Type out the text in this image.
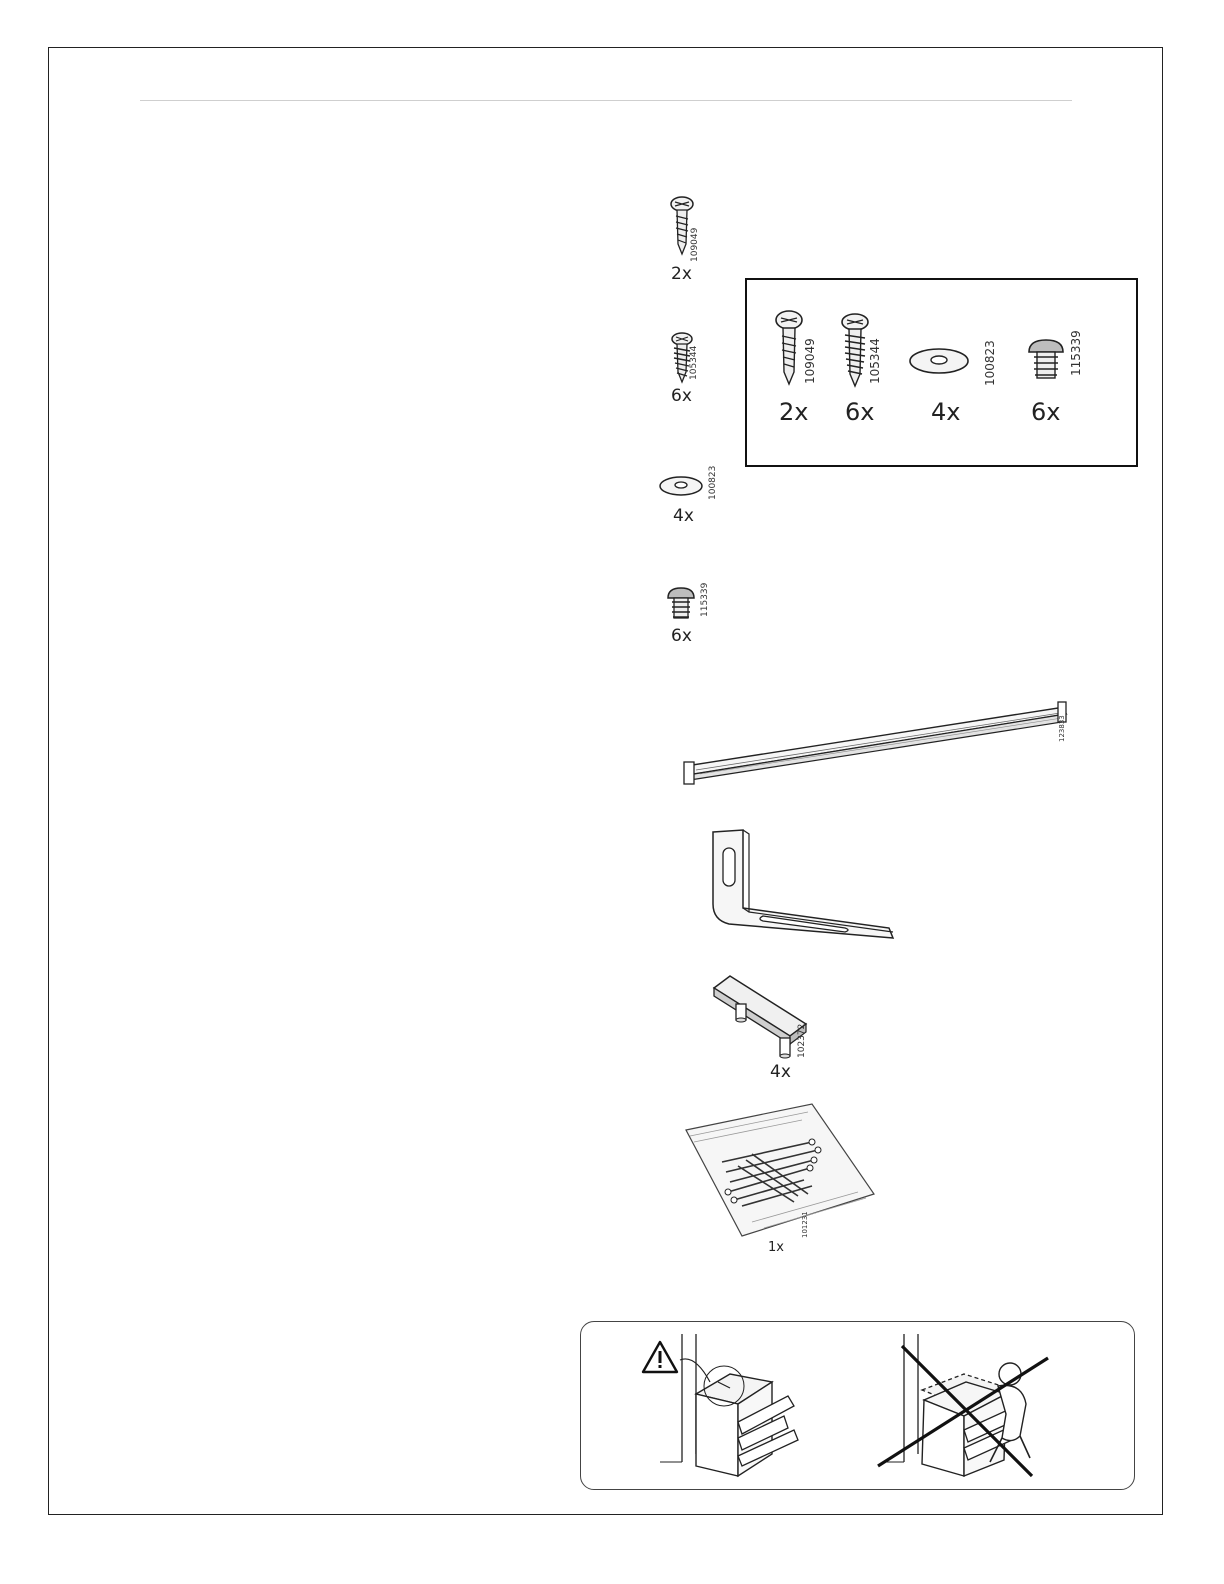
109049
2x
105344
6x
100823
4x
115339
6x
123833
102372
4x
101231
1x
109049
2x
105344
6x
100823
4x
115339
6x
